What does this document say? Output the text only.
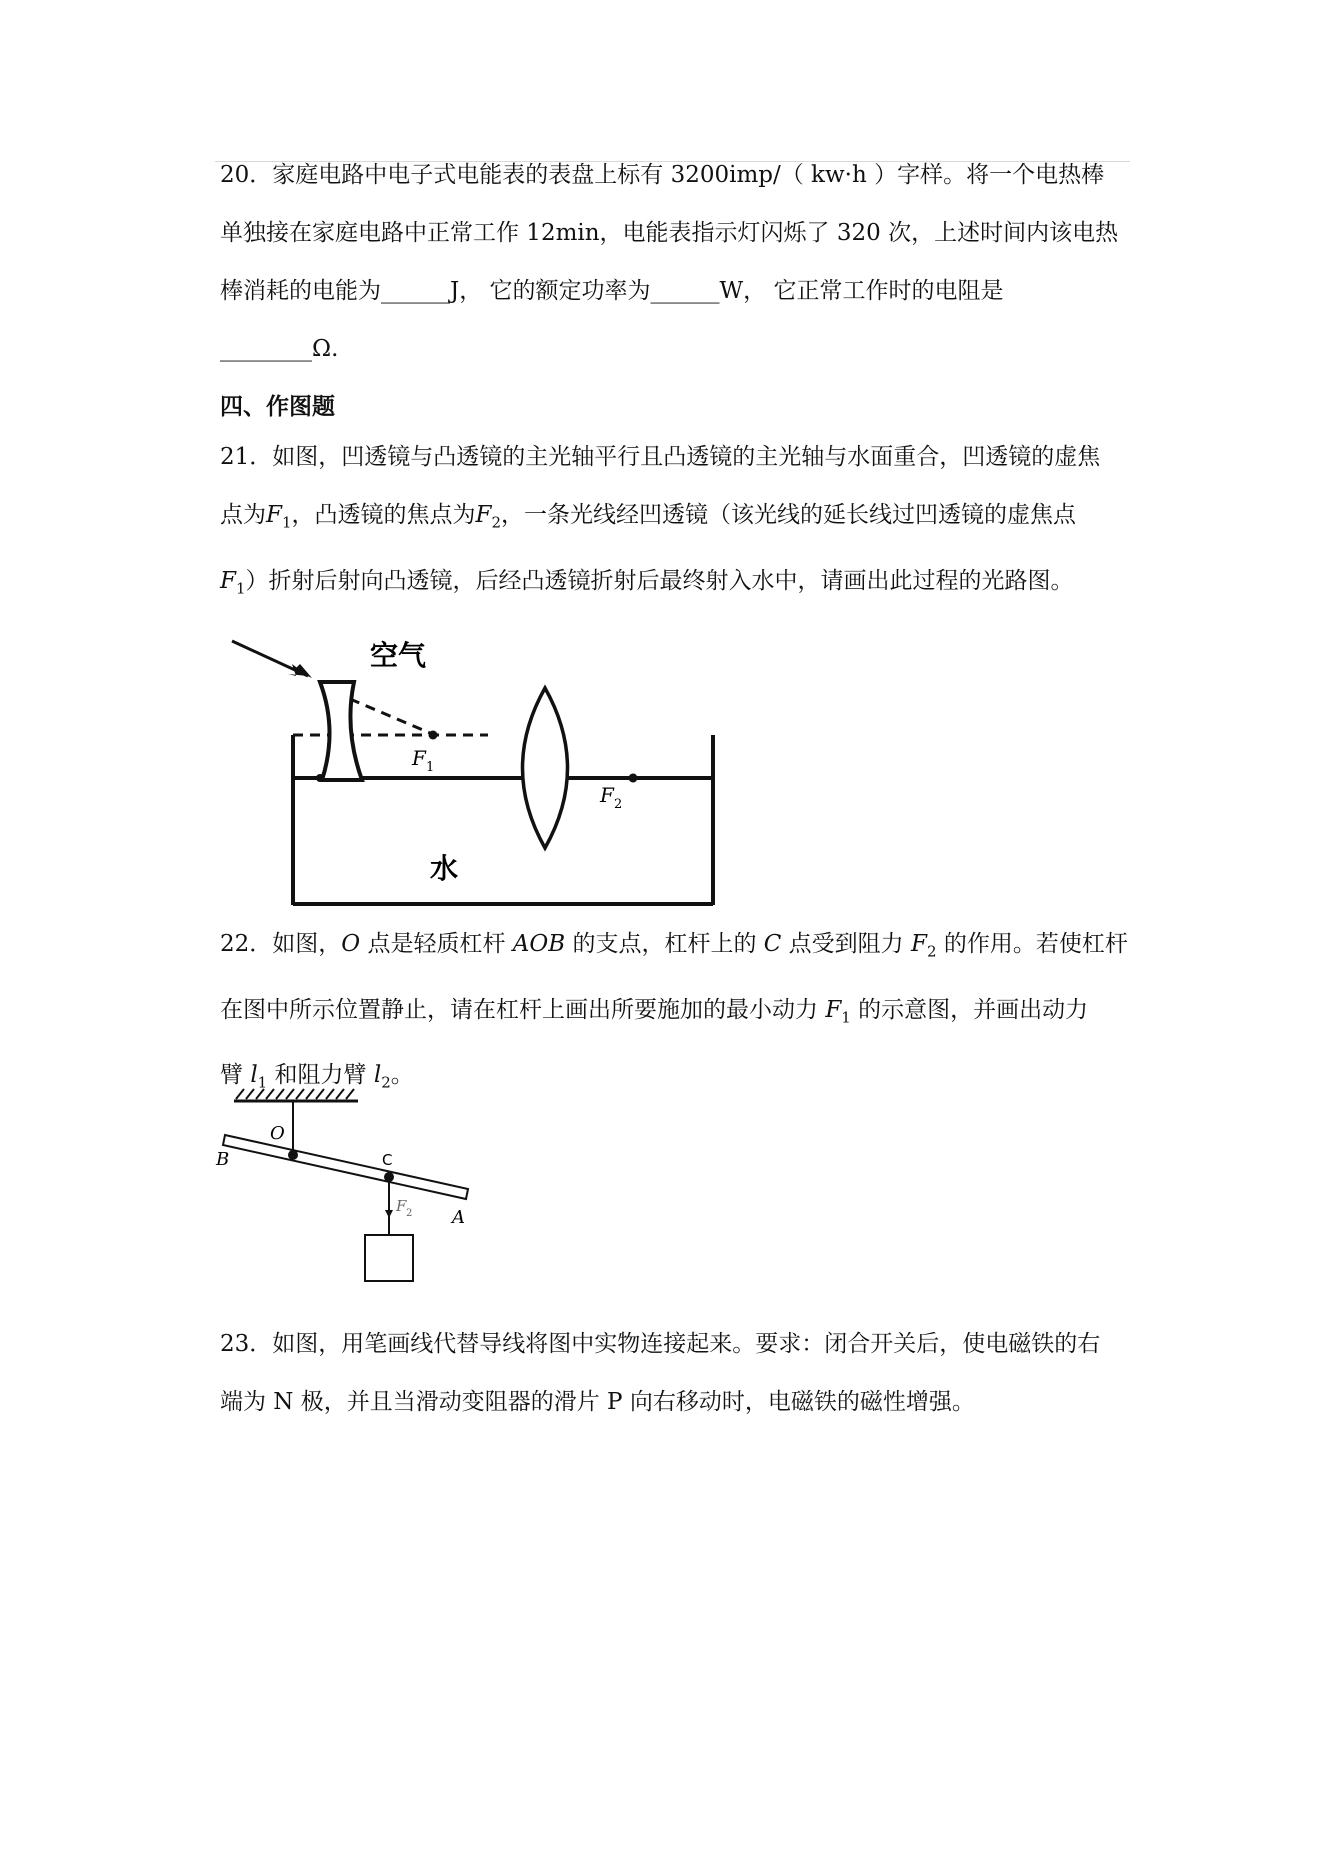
20．家庭电路中电子式电能表的表盘上标有 3200imp/（ kw·h ）字样。将一个电热棒
单独接在家庭电路中正常工作 12min，电能表指示灯闪烁了 320 次，上述时间内该电热
棒消耗的电能为______J， 它的额定功率为______W， 它正常工作时的电阻是
________Ω.
四、作图题
21．如图，凹透镜与凸透镜的主光轴平行且凸透镜的主光轴与水面重合，凹透镜的虚焦
点为$F_1$，凸透镜的焦点为$F_2$，一条光线经凹透镜（该光线的延长线过凹透镜的虚焦点
$F_1$）折射后射向凸透镜，后经凸透镜折射后最终射入水中，请画出此过程的光路图。
空气
F 1
F 2
水
22．如图，O 点是轻质杠杆 AOB 的支点，杠杆上的 C 点受到阻力 $F_2$ 的作用。若使杠杆
在图中所示位置静止，请在杠杆上画出所要施加的最小动力 $F_1$ 的示意图，并画出动力
臂 $l_1$ 和阻力臂 $l_2$。
O
B	C
A
F 2
23．如图，用笔画线代替导线将图中实物连接起来。要求：闭合开关后，使电磁铁的右
端为 N 极，并且当滑动变阻器的滑片 P 向右移动时，电磁铁的磁性增强。
